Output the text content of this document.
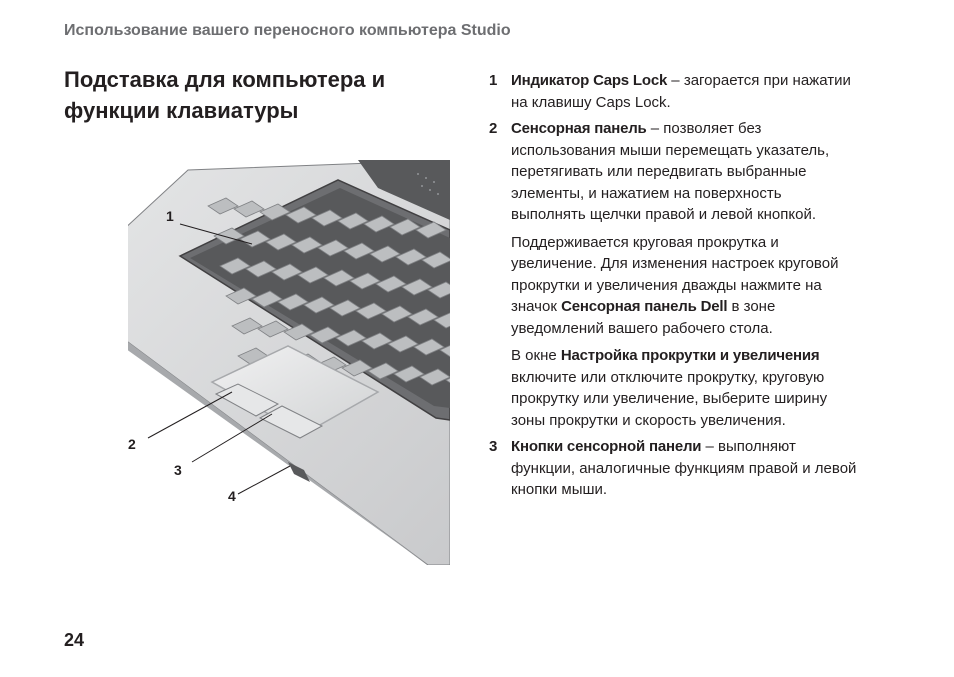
Использование вашего переносного компьютера Studio
Подставка для компьютера и функции клавиатуры
1
2
3
4
1 Индикатор Caps Lock – загорается при нажатии на клавишу Caps Lock.

2 Сенсорная панель – позволяет без использования мыши перемещать указатель, перетягивать или передвигать выбранные элементы, и нажатием на поверхность выполнять щелчки правой и левой кнопкой.

Поддерживается круговая прокрутка и увеличение. Для изменения настроек круговой прокрутки и увеличения дважды нажмите на значок Сенсорная панель Dell в зоне уведомлений вашего рабочего стола.

В окне Настройка прокрутки и увеличения включите или отключите прокрутку, круговую прокрутку или увеличение, выберите ширину зоны прокрутки и скорость увеличения.

3 Кнопки сенсорной панели – выполняют функции, аналогичные функциям правой и левой кнопки мыши.

24
